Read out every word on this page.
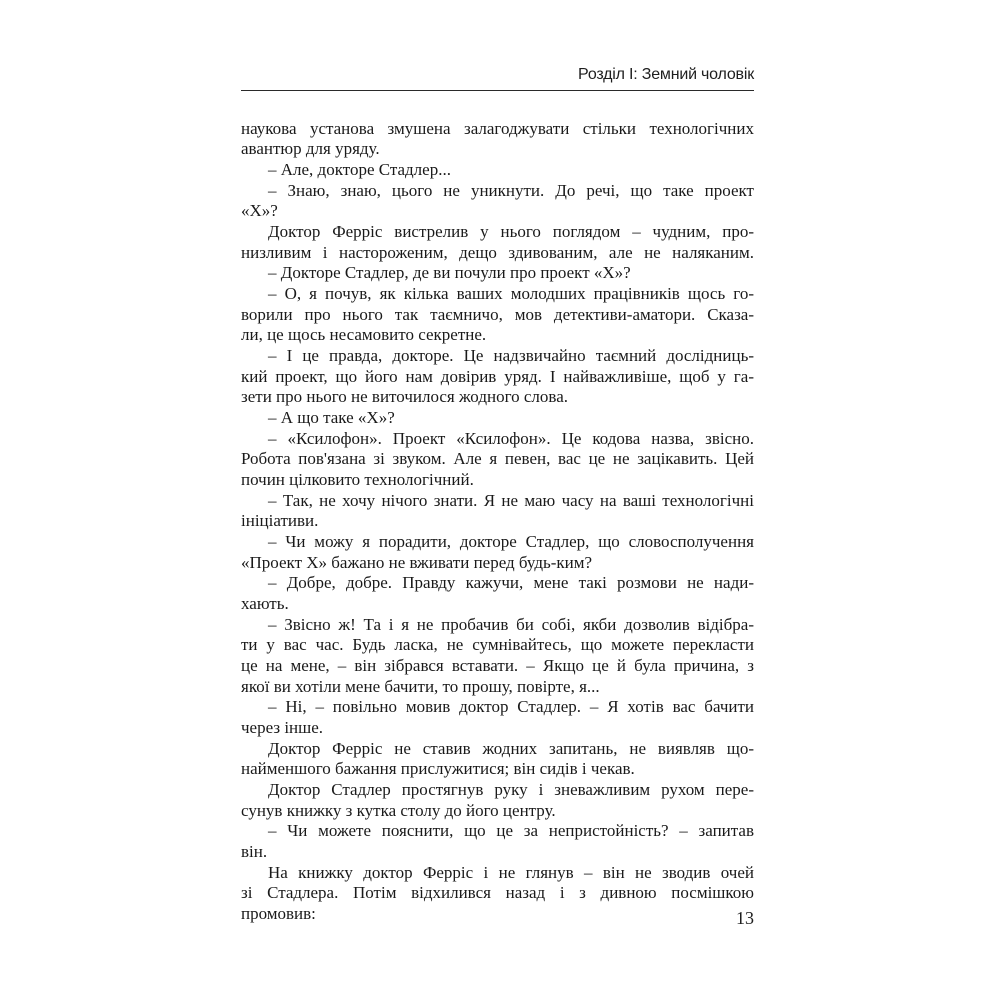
Розділ I: Земний чоловік
наукова установа змушена залагоджувати стільки технологічних
авантюр для уряду.
– Але, докторе Стадлер...
– Знаю, знаю, цього не уникнути. До речі, що таке проект
«Х»?
Доктор Ферріс вистрелив у нього поглядом – чудним, про-
низливим і настороженим, дещо здивованим, але не наляканим.
– Докторе Стадлер, де ви почули про проект «Х»?
– О, я почув, як кілька ваших молодших працівників щось го-
ворили про нього так таємничо, мов детективи-аматори. Сказа-
ли, це щось несамовито секретне.
– І це правда, докторе. Це надзвичайно таємний дослідниць-
кий проект, що його нам довірив уряд. І найважливіше, щоб у га-
зети про нього не виточилося жодного слова.
– А що таке «Х»?
– «Ксилофон». Проект «Ксилофон». Це кодова назва, звісно.
Робота пов'язана зі звуком. Але я певен, вас це не зацікавить. Цей
почин цілковито технологічний.
– Так, не хочу нічого знати. Я не маю часу на ваші технологічні
ініціативи.
– Чи можу я порадити, докторе Стадлер, що словосполучення
«Проект Х» бажано не вживати перед будь-ким?
– Добре, добре. Правду кажучи, мене такі розмови не нади-
хають.
– Звісно ж! Та і я не пробачив би собі, якби дозволив відібра-
ти у вас час. Будь ласка, не сумнівайтесь, що можете перекласти
це на мене, – він зібрався вставати. – Якщо це й була причина, з
якої ви хотіли мене бачити, то прошу, повірте, я...
– Ні, – повільно мовив доктор Стадлер. – Я хотів вас бачити
через інше.
Доктор Ферріс не ставив жодних запитань, не виявляв що-
найменшого бажання прислужитися; він сидів і чекав.
Доктор Стадлер простягнув руку і зневажливим рухом пере-
сунув книжку з кутка столу до його центру.
– Чи можете пояснити, що це за непристойність? – запитав
він.
На книжку доктор Ферріс і не глянув – він не зводив очей
зі Стадлера. Потім відхилився назад і з дивною посмішкою
промовив:	13
